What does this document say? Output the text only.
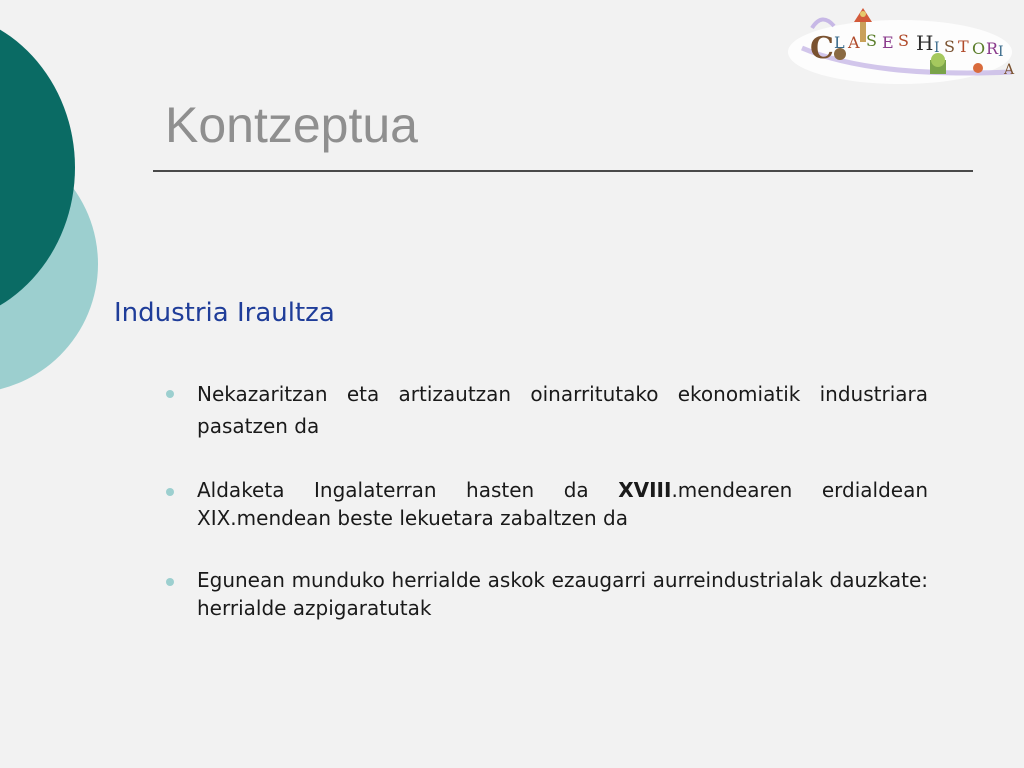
C L A S E S H I S T O R I
A
Kontzeptua
Industria Iraultza
Nekazaritzan eta artizautzan oinarritutako ekonomiatik industriara pasatzen da
Aldaketa Ingalaterran hasten da XVIII.mendearen erdialdean XIX.mendean beste lekuetara zabaltzen da
Egunean munduko herrialde askok ezaugarri aurreindustrialak dauzkate: herrialde azpigaratutak
